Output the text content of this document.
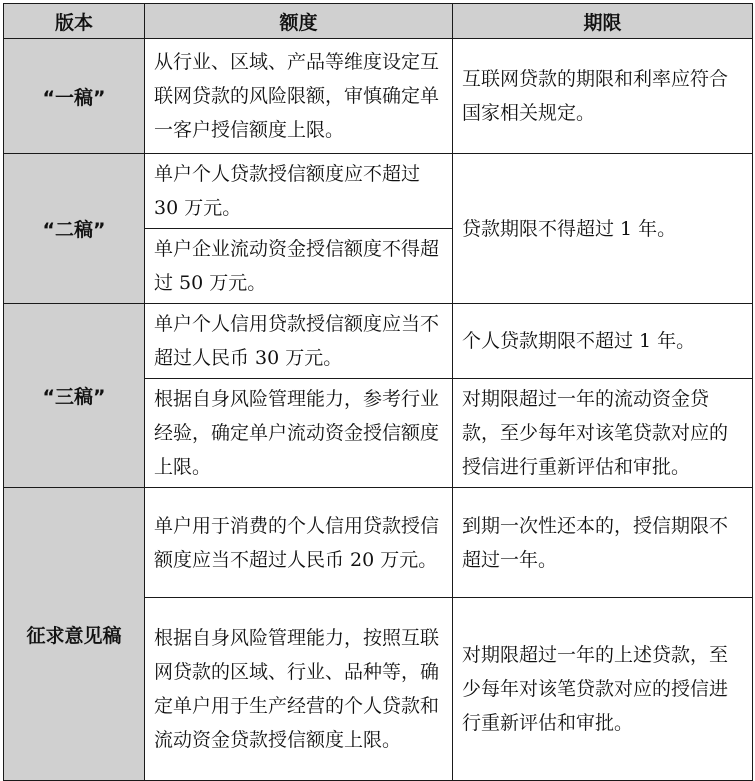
版本	额度	期限
“一稿”	从行业、区域、产品等维度设定互联网贷款的风险限额，审慎确定单一客户授信额度上限。	互联网贷款的期限和利率应符合国家相关规定。
“二稿”	单户个人贷款授信额度应不超过 30 万元。	贷款期限不得超过 1 年。
	单户企业流动资金授信额度不得超过 50 万元。	
“三稿”	单户个人信用贷款授信额度应当不超过人民币 30 万元。	个人贷款期限不超过 1 年。
	根据自身风险管理能力，参考行业经验，确定单户流动资金授信额度上限。	对期限超过一年的流动资金贷款，至少每年对该笔贷款对应的授信进行重新评估和审批。
征求意见稿	单户用于消费的个人信用贷款授信额度应当不超过人民币 20 万元。	到期一次性还本的，授信期限不超过一年。
	根据自身风险管理能力，按照互联网贷款的区域、行业、品种等，确定单户用于生产经营的个人贷款和流动资金贷款授信额度上限。	对期限超过一年的上述贷款，至少每年对该笔贷款对应的授信进行重新评估和审批。
